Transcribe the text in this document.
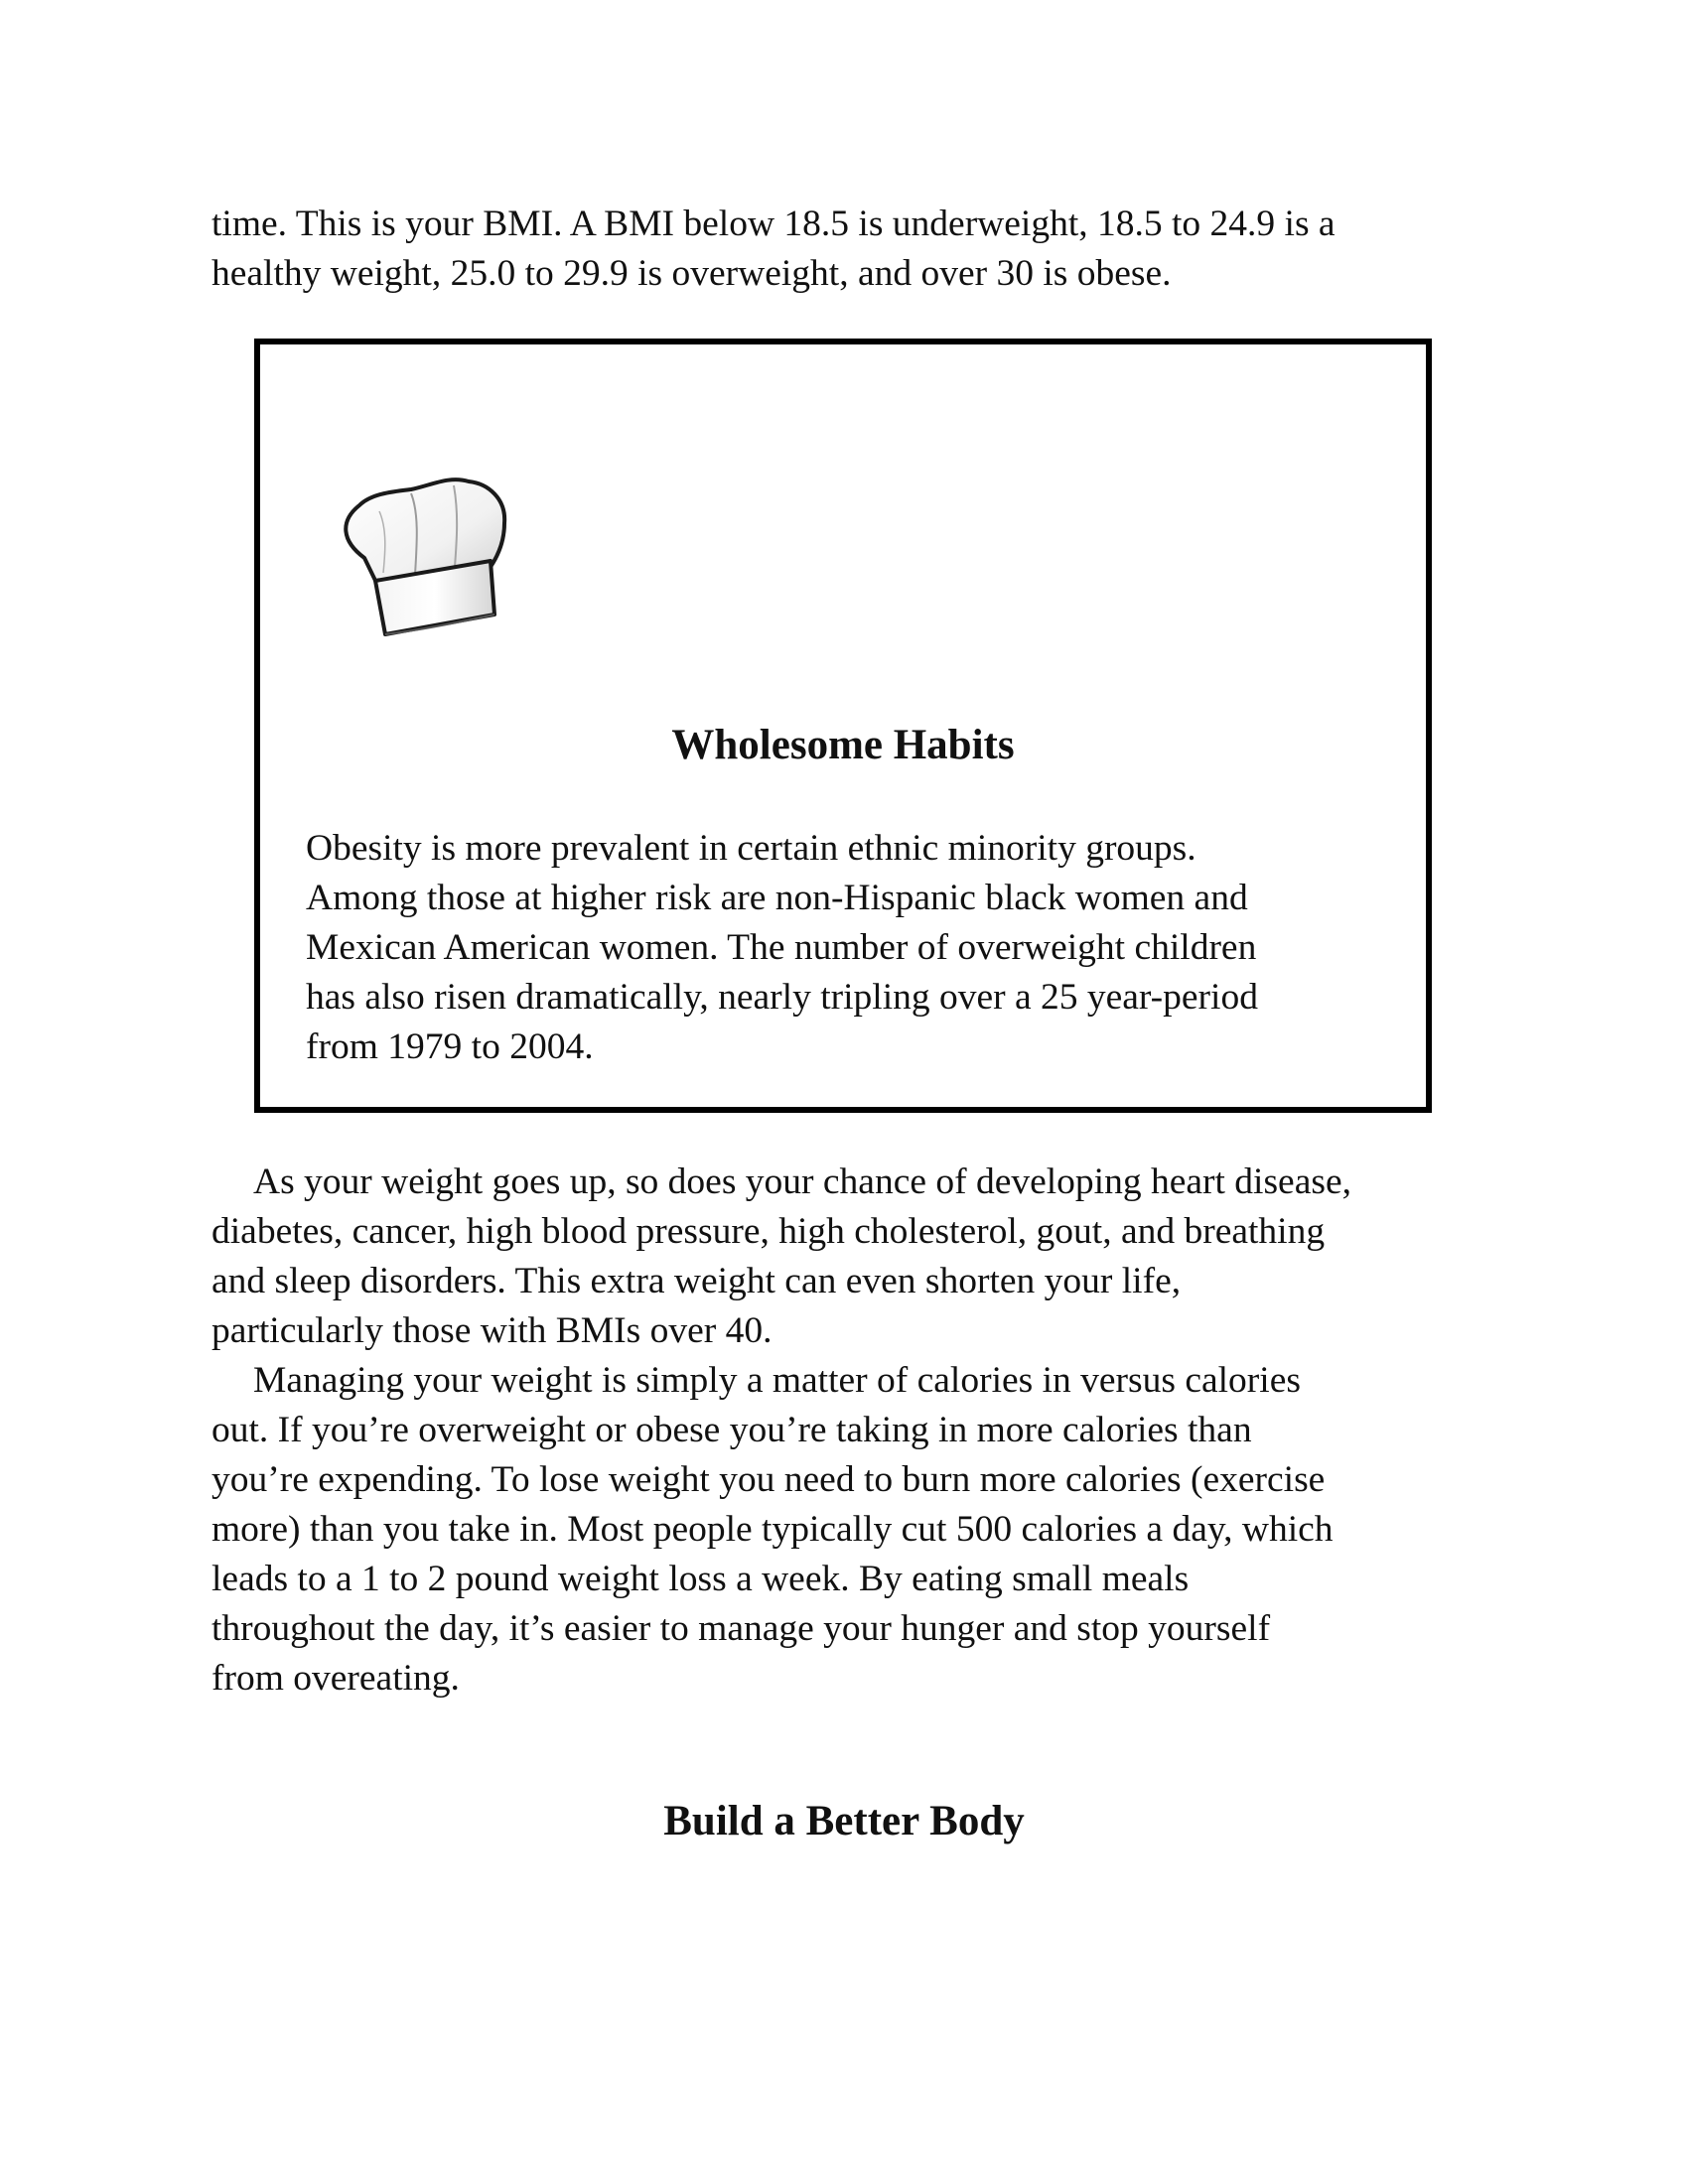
time. This is your BMI. A BMI below 18.5 is underweight, 18.5 to 24.9 is a
healthy weight, 25.0 to 29.9 is overweight, and over 30 is obese.

Wholesome Habits

Obesity is more prevalent in certain ethnic minority groups.
Among those at higher risk are non-Hispanic black women and
Mexican American women. The number of overweight children
has also risen dramatically, nearly tripling over a 25 year-period
from 1979 to 2004.

As your weight goes up, so does your chance of developing heart disease,
diabetes, cancer, high blood pressure, high cholesterol, gout, and breathing
and sleep disorders. This extra weight can even shorten your life,
particularly those with BMIs over 40.

Managing your weight is simply a matter of calories in versus calories
out. If you’re overweight or obese you’re taking in more calories than
you’re expending. To lose weight you need to burn more calories (exercise
more) than you take in. Most people typically cut 500 calories a day, which
leads to a 1 to 2 pound weight loss a week. By eating small meals
throughout the day, it’s easier to manage your hunger and stop yourself
from overeating.

Build a Better Body
